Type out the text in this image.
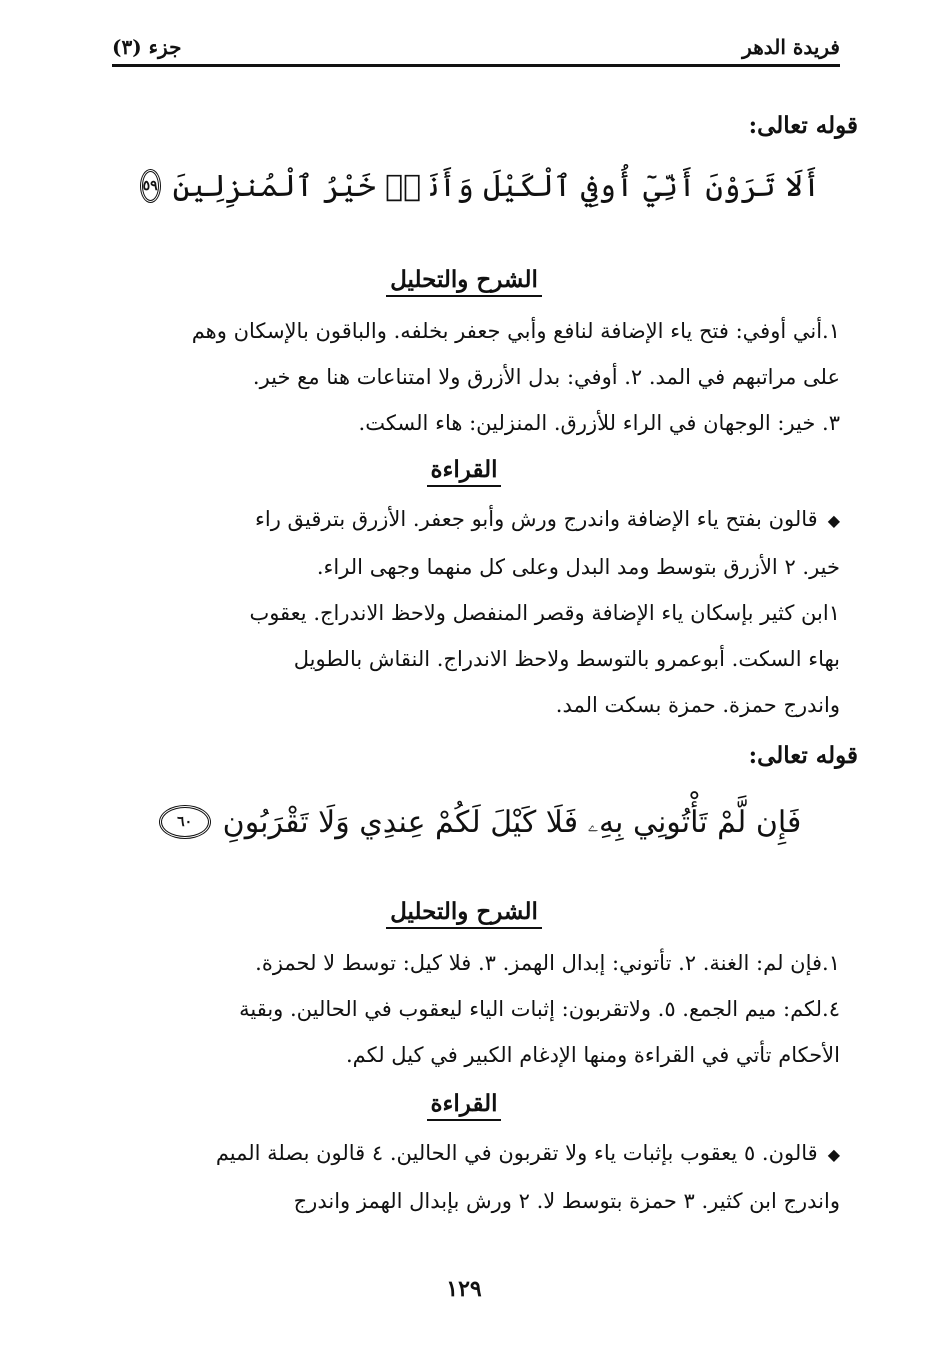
فريدة الدهر
جزء (٣)
قوله تعالى:
أَلَا تَرَوْنَ أَنِّيٓ أُوفِي ٱلْكَيْلَ وَأَنَا۠ خَيْرُ ٱلْمُنزِلِينَ
٥٩
الشرح والتحليل

١.أني أوفي: فتح ياء الإضافة لنافع وأبي جعفر بخلفه. والباقون بالإسكان وهم

على مراتبهم في المد. ٢. أوفي: بدل الأزرق ولا امتناعات هنا مع خير.

٣. خير: الوجهان في الراء للأزرق. المنزلين: هاء السكت.

القراءة

◆قالون بفتح ياء الإضافة واندرج ورش وأبو جعفر. الأزرق بترقيق راء

خير. ٢ الأزرق بتوسط ومد البدل وعلى كل منهما وجهى الراء.

١ابن كثير بإسكان ياء الإضافة وقصر المنفصل ولاحظ الاندراج. يعقوب

بهاء السكت. أبوعمرو بالتوسط ولاحظ الاندراج. النقاش بالطويل

واندرج حمزة. حمزة بسكت المد.

قوله تعالى:
فَإِن لَّمْ تَأْتُونِي بِهِۦ فَلَا كَيْلَ لَكُمْ عِندِي وَلَا تَقْرَبُونِ
٦٠
الشرح والتحليل

١.فإن لم: الغنة. ٢. تأتوني: إبدال الهمز. ٣. فلا كيل: توسط لا لحمزة.

٤.لكم: ميم الجمع. ٥. ولاتقربون: إثبات الياء ليعقوب في الحالين. وبقية

الأحكام تأتي في القراءة ومنها الإدغام الكبير في كيل لكم.

القراءة

◆قالون. ٥ يعقوب بإثبات ياء ولا تقربون في الحالين. ٤ قالون بصلة الميم

واندرج ابن كثير. ٣ حمزة بتوسط لا. ٢ ورش بإبدال الهمز واندرج

١٢٩
